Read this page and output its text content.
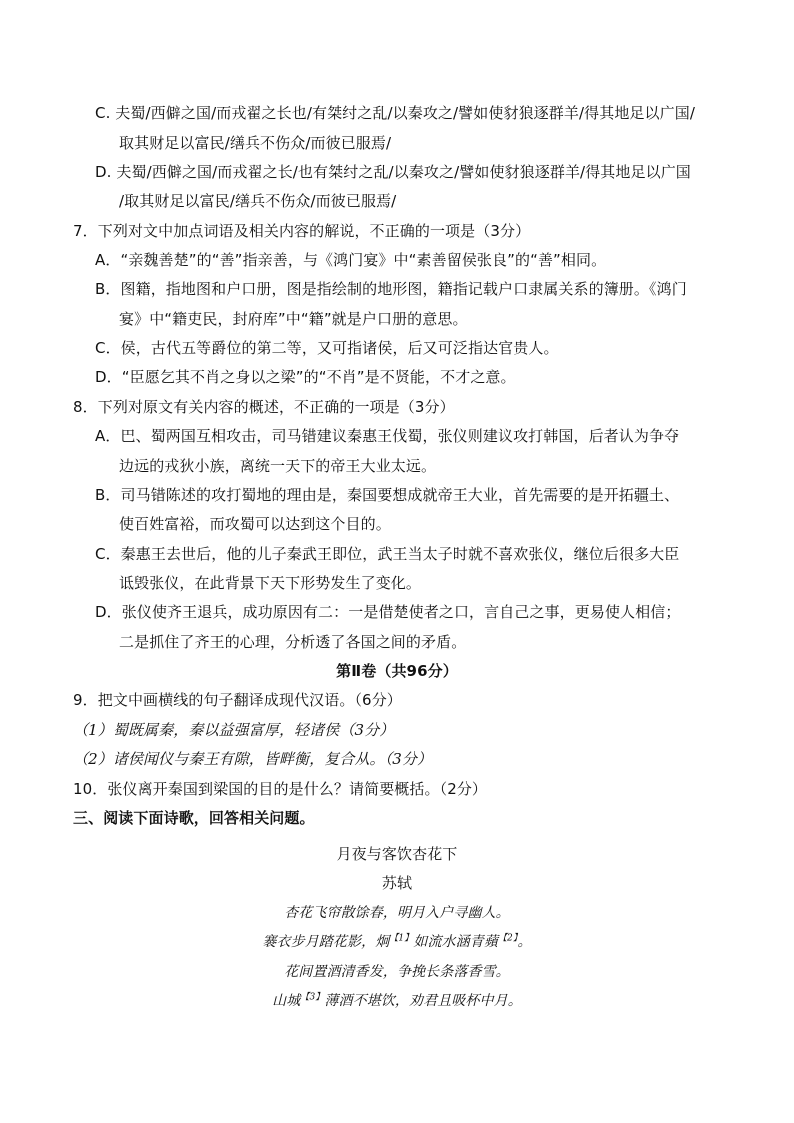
C. 夫蜀/西僻之国/而戎翟之长也/有桀纣之乱/以秦攻之/譬如使豺狼逐群羊/得其地足以广国/
取其财足以富民/缮兵不伤众/而彼已服焉/
D. 夫蜀/西僻之国/而戎翟之长/也有桀纣之乱/以秦攻之/譬如使豺狼逐群羊/得其地足以广国
/取其财足以富民/缮兵不伤众/而彼已服焉/
7．下列对文中加点词语及相关内容的解说，不正确的一项是（3分）
A．“亲魏善楚”的“善”指亲善，与《鸿门宴》中“素善留侯张良”的“善”相同。
B．图籍，指地图和户口册，图是指绘制的地形图，籍指记载户口隶属关系的簿册。《鸿门
宴》中“籍吏民，封府库”中“籍”就是户口册的意思。
C．侯，古代五等爵位的第二等，又可指诸侯，后又可泛指达官贵人。
D．“臣愿乞其不肖之身以之梁”的“不肖”是不贤能，不才之意。
8．下列对原文有关内容的概述，不正确的一项是（3分）
A．巴、蜀两国互相攻击，司马错建议秦惠王伐蜀，张仪则建议攻打韩国，后者认为争夺
边远的戎狄小族，离统一天下的帝王大业太远。
B．司马错陈述的攻打蜀地的理由是，秦国要想成就帝王大业，首先需要的是开拓疆土、
使百姓富裕，而攻蜀可以达到这个目的。
C．秦惠王去世后，他的儿子秦武王即位，武王当太子时就不喜欢张仪，继位后很多大臣
诋毁张仪，在此背景下天下形势发生了变化。
D．张仪使齐王退兵，成功原因有二：一是借楚使者之口，言自己之事，更易使人相信；
二是抓住了齐王的心理，分析透了各国之间的矛盾。
第Ⅱ卷（共96分）
9．把文中画横线的句子翻译成现代汉语。（6分）
（1）蜀既属秦，秦以益强富厚，轻诸侯（3分）
（2）诸侯闻仪与秦王有隙，皆畔衡，复合从。（3分）
10．张仪离开秦国到梁国的目的是什么？请简要概括。（2分）
三、阅读下面诗歌，回答相关问题。
月夜与客饮杏花下
苏轼
杏花飞帘散馀春，明月入户寻幽人。
褰衣步月踏花影，炯$^{【1】}$如流水涵青蘋$^{【2】}$。
花间置酒清香发，争挽长条落香雪。
山城$^{【3】}$薄酒不堪饮，劝君且吸杯中月。
